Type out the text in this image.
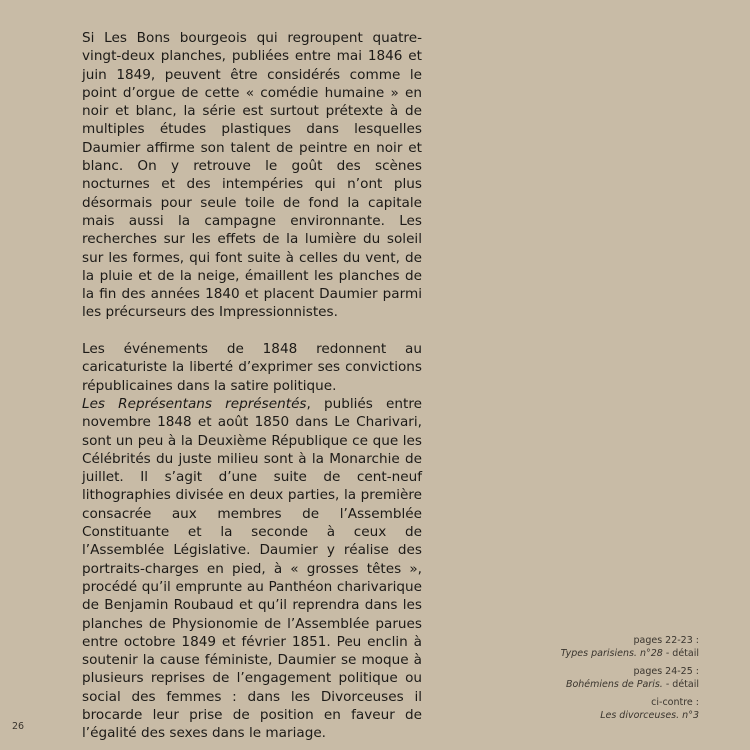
Si Les Bons bourgeois qui regroupent quatre-vingt-deux planches, publiées entre mai 1846 et juin 1849, peuvent être considérés comme le point d’orgue de cette « comédie humaine » en noir et blanc, la série est surtout prétexte à de multiples études plastiques dans lesquelles Daumier affirme son talent de peintre en noir et blanc. On y retrouve le goût des scènes nocturnes et des intempéries qui n’ont plus désormais pour seule toile de fond la capitale mais aussi la campagne environnante. Les recherches sur les effets de la lumière du soleil sur les formes, qui font suite à celles du vent, de la pluie et de la neige, émaillent les planches de la fin des années 1840 et placent Daumier parmi les précurseurs des Impressionnistes.

Les événements de 1848 redonnent au caricaturiste la liberté d’exprimer ses convictions républicaines dans la satire politique.

Les Représentans représentés, publiés entre novembre 1848 et août 1850 dans Le Charivari, sont un peu à la Deuxième République ce que les Célébrités du juste milieu sont à la Monarchie de juillet. Il s’agit d’une suite de cent-neuf lithographies divisée en deux parties, la première consacrée aux membres de l’Assemblée Constituante et la seconde à ceux de l’Assemblée Législative. Daumier y réalise des portraits-charges en pied, à « grosses têtes », procédé qu’il emprunte au Panthéon charivarique de Benjamin Roubaud et qu’il reprendra dans les planches de Physionomie de l’Assemblée parues entre octobre 1849 et février 1851. Peu enclin à soutenir la cause féministe, Daumier se moque à plusieurs reprises de l’engagement politique ou social des femmes : dans les Divorceuses il brocarde leur prise de position en faveur de l’égalité des sexes dans le mariage.

pages 22-23 :
Types parisiens. n°28 - détail
pages 24-25 :
Bohémiens de Paris. - détail
ci-contre :
Les divorceuses. n°3
26
